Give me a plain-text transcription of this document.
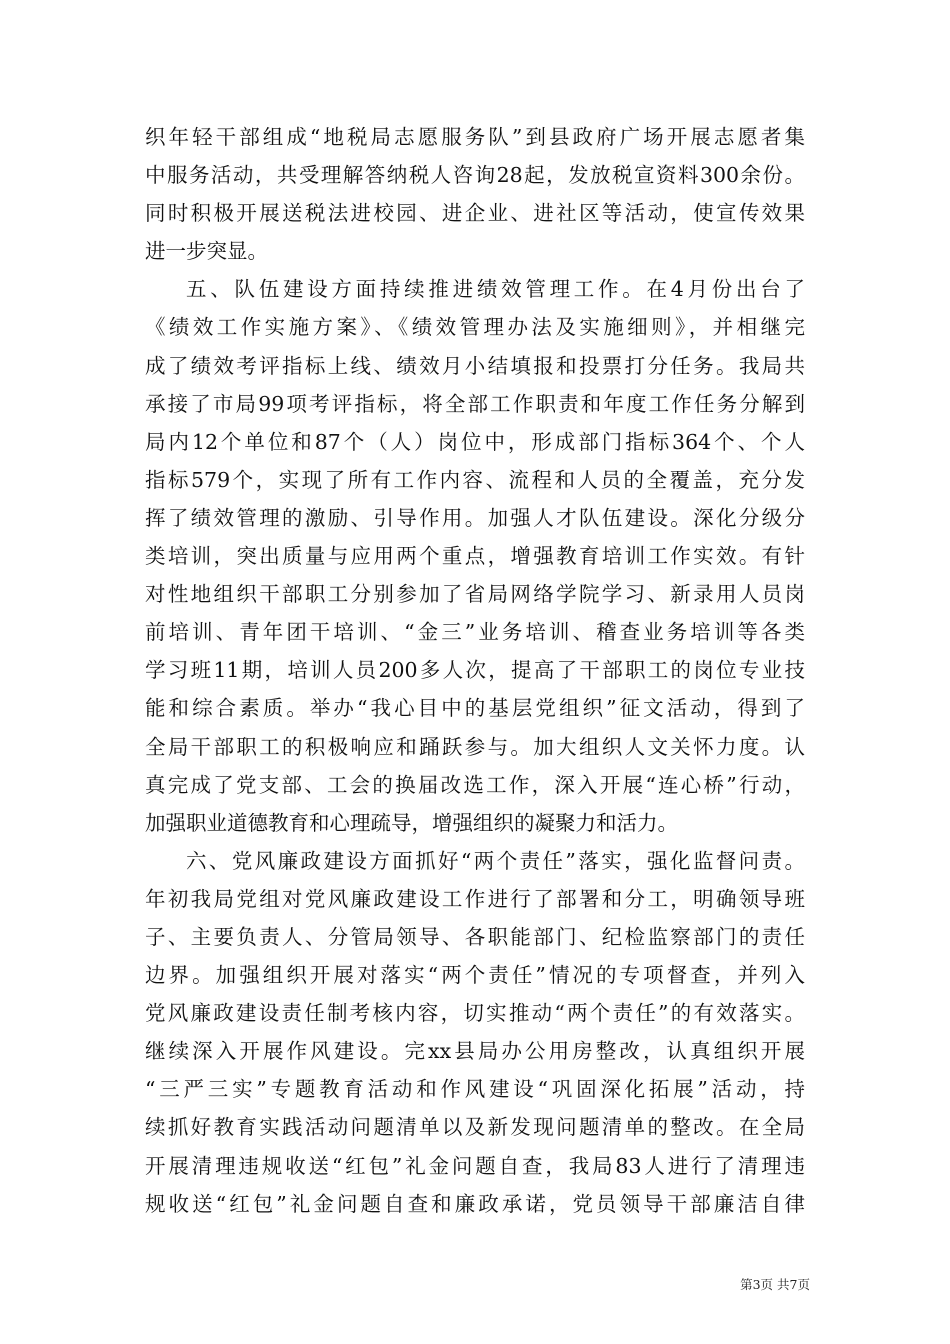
织年轻干部组成“地税局志愿服务队”到县政府广场开展志愿者集
中服务活动，共受理解答纳税人咨询28起，发放税宣资料300余份。
同时积极开展送税法进校园、进企业、进社区等活动，使宣传效果
进一步突显。
五、队伍建设方面持续推进绩效管理工作。在4月份出台了
《绩效工作实施方案》、《绩效管理办法及实施细则》，并相继完
成了绩效考评指标上线、绩效月小结填报和投票打分任务。我局共
承接了市局99项考评指标，将全部工作职责和年度工作任务分解到
局内12个单位和87个（人）岗位中，形成部门指标364个、个人
指标579个，实现了所有工作内容、流程和人员的全覆盖，充分发
挥了绩效管理的激励、引导作用。加强人才队伍建设。深化分级分
类培训，突出质量与应用两个重点，增强教育培训工作实效。有针
对性地组织干部职工分别参加了省局网络学院学习、新录用人员岗
前培训、青年团干培训、“金三”业务培训、稽查业务培训等各类
学习班11期，培训人员200多人次，提高了干部职工的岗位专业技
能和综合素质。举办“我心目中的基层党组织”征文活动，得到了
全局干部职工的积极响应和踊跃参与。加大组织人文关怀力度。认
真完成了党支部、工会的换届改选工作，深入开展“连心桥”行动，
加强职业道德教育和心理疏导，增强组织的凝聚力和活力。
六、党风廉政建设方面抓好“两个责任”落实，强化监督问责。
年初我局党组对党风廉政建设工作进行了部署和分工，明确领导班
子、主要负责人、分管局领导、各职能部门、纪检监察部门的责任
边界。加强组织开展对落实“两个责任”情况的专项督查，并列入
党风廉政建设责任制考核内容，切实推动“两个责任”的有效落实。
继续深入开展作风建设。完xx县局办公用房整改，认真组织开展
“三严三实”专题教育活动和作风建设“巩固深化拓展”活动，持
续抓好教育实践活动问题清单以及新发现问题清单的整改。在全局
开展清理违规收送“红包”礼金问题自查，我局83人进行了清理违
规收送“红包”礼金问题自查和廉政承诺，党员领导干部廉洁自律
第3页 共7页
